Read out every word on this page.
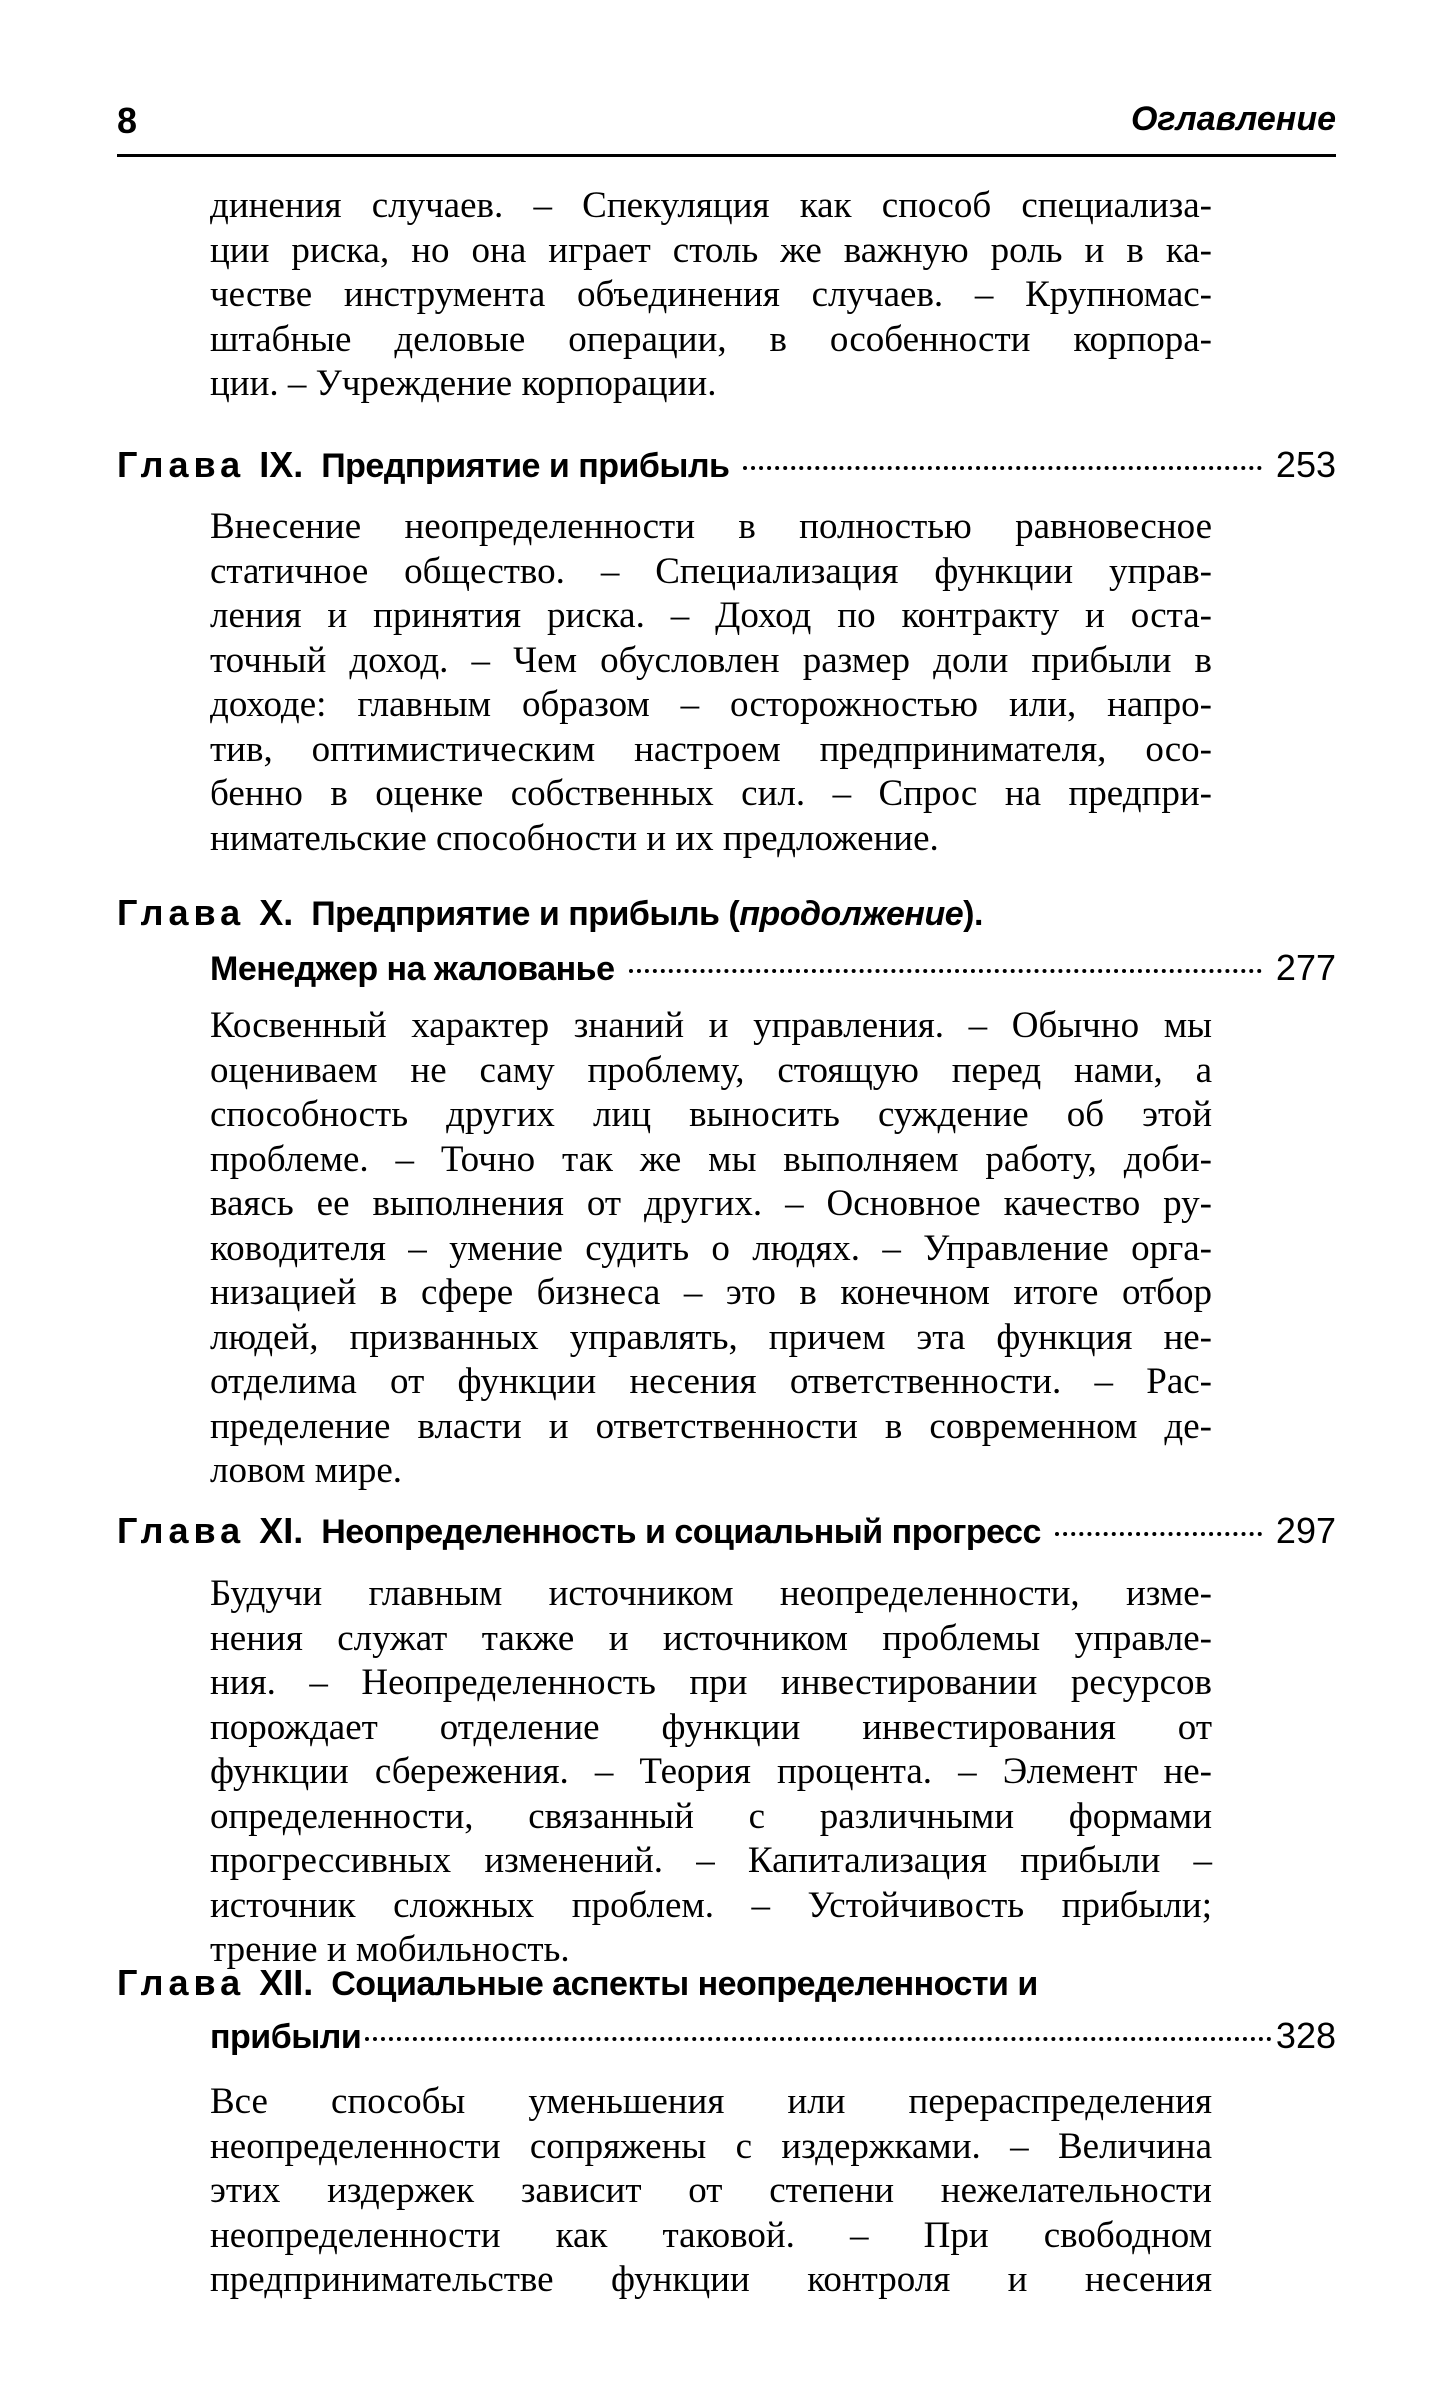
8	Оглавление
динения случаев. – Спекуляция как способ специализа-
ции риска, но она играет столь же важную роль и в ка-
честве инструмента объединения случаев. – Крупномас-
штабные деловые операции, в особенности корпора-
ции. – Учреждение корпорации.
Глава IX. Предприятие и прибыль	253
Внесение неопределенности в полностью равновесное
статичное общество. – Специализация функции управ-
ления и принятия риска. – Доход по контракту и оста-
точный доход. – Чем обусловлен размер доли прибыли в
доходе: главным образом – осторожностью или, напро-
тив, оптимистическим настроем предпринимателя, осо-
бенно в оценке собственных сил. – Спрос на предпри-
нимательские способности и их предложение.
Глава X. Предприятие и прибыль (продолжение).
Менеджер на жалованье	277
Косвенный характер знаний и управления. – Обычно мы
оцениваем не саму проблему, стоящую перед нами, а
способность других лиц выносить суждение об этой
проблеме. – Точно так же мы выполняем работу, доби-
ваясь ее выполнения от других. – Основное качество ру-
ководителя – умение судить о людях. – Управление орга-
низацией в сфере бизнеса – это в конечном итоге отбор
людей, призванных управлять, причем эта функция не-
отделима от функции несения ответственности. – Рас-
пределение власти и ответственности в современном де-
ловом мире.
Глава XI. Неопределенность и социальный прогресс	297
Будучи главным источником неопределенности, изме-
нения служат также и источником проблемы управле-
ния. – Неопределенность при инвестировании ресурсов
порождает отделение функции инвестирования от
функции сбережения. – Теория процента. – Элемент не-
определенности, связанный с различными формами
прогрессивных изменений. – Капитализация прибыли –
источник сложных проблем. – Устойчивость прибыли;
трение и мобильность.
Глава XII. Социальные аспекты неопределенности и
прибыли	328
Все способы уменьшения или перераспределения
неопределенности сопряжены с издержками. – Величина
этих издержек зависит от степени нежелательности
неопределенности как таковой. – При свободном
предпринимательстве функции контроля и несения
